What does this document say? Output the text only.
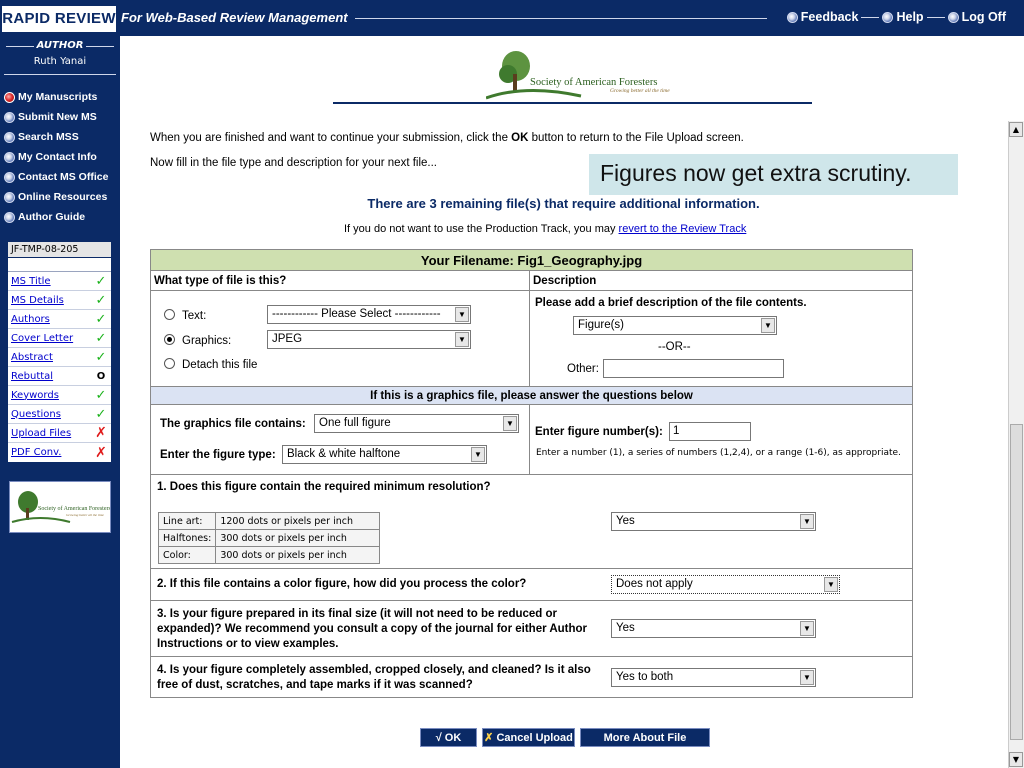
RAPID REVIEW For Web-Based Review Management	Feedback	Help	Log Off
AUTHOR
Ruth Yanai
My Manuscripts
Submit New MS
Search MSS
My Contact Info
Contact MS Office
Online Resources
Author Guide
JF-TMP-08-205
Section	Status
MS Title	✓
MS Details ✓
Authors	✓
Cover Letter ✓
Abstract	✓
Rebuttal	O
Keywords	✓
Questions	✓
Upload Files ✗
PDF Conv. ✗
Society of American Foresters
Growing better all the time
Society of American Foresters
Growing better all the time
When you are finished and want to continue your submission, click the OK button to return to the File Upload screen.
Now fill in the file type and description for your next file...	Figures now get extra scrutiny.
There are 3 remaining file(s) that require additional information.
If you do not want to use the Production Track, you may revert to the Review Track
Your Filename: Fig1_Geography.jpg
What type of file is this?	Description
Text:	------------ Please Select ------------	▼
Graphics:	JPEG	▼
Detach this file
Please add a brief description of the file contents.
Figure(s)	▼
--OR--
Other:
If this is a graphics file, please answer the questions below
The graphics file contains:	One full figure	▼
Enter the figure type: Black & white halftone	▼
Enter figure number(s): 1
Enter a number (1), a series of numbers (1,2,4), or a range (1-6), as appropriate.
1. Does this figure contain the required minimum resolution?
Line art:	1200 dots or pixels per inch
Halftones:	300 dots or pixels per inch
Color:	300 dots or pixels per inch
Yes	▼
2. If this file contains a color figure, how did you process the color?	Does not apply	▼
3. Is your figure prepared in its final size (it will not need to be reduced or expanded)? We recommend you consult a copy of the journal for either Author Instructions or to view examples.
Yes	▼
4. Is your figure completely assembled, cropped closely, and cleaned? Is it also free of dust, scratches, and tape marks if it was scanned?
Yes to both	▼
√ OK	✗ Cancel Upload	More About File Formats
▲
▼
